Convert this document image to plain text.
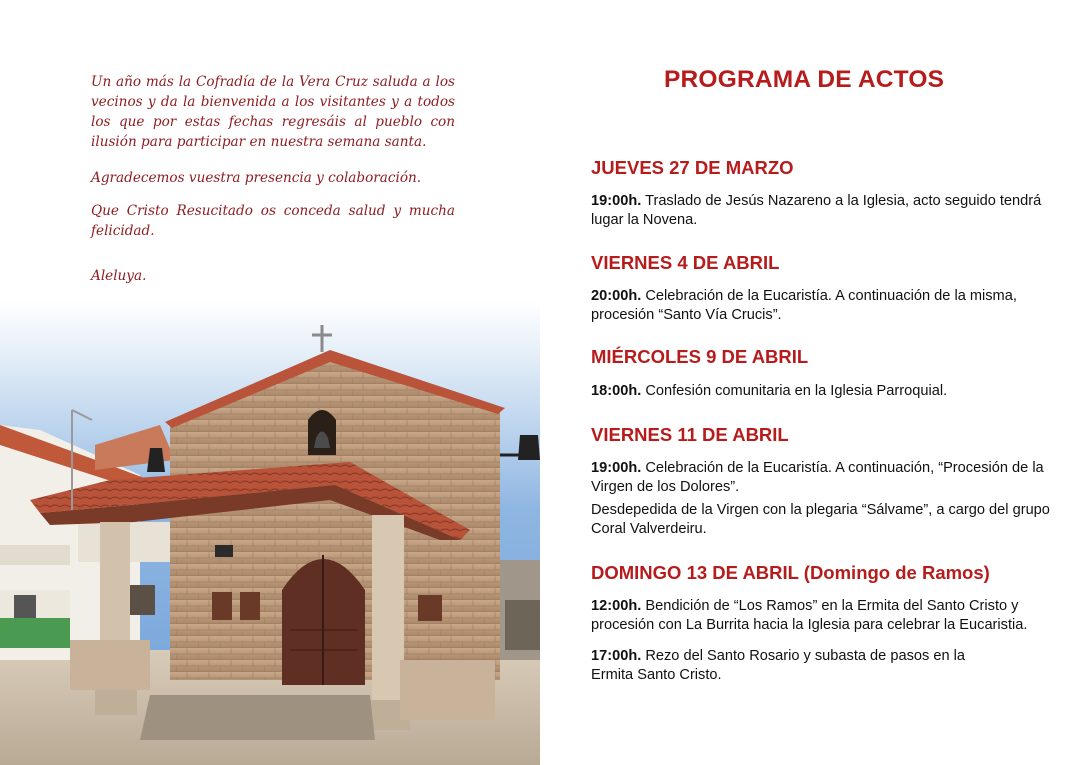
Un año más la Cofradía de la Vera Cruz saluda a los vecinos y da la bienvenida a los visitantes y a todos los que por estas fechas regresáis al pueblo con ilusión para participar en nuestra semana santa.

Agradecemos vuestra presencia y colaboración.

Que Cristo Resucitado os conceda salud y mucha felicidad.

Aleluya.

PROGRAMA DE ACTOS
JUEVES 27 DE MARZO
19:00h. Traslado de Jesús Nazareno a la Iglesia, acto seguido tendrá lugar la Novena.
VIERNES 4 DE ABRIL
20:00h. Celebración de la Eucaristía. A continuación de la misma, procesión “Santo Vía Crucis”.
MIÉRCOLES 9 DE ABRIL
18:00h. Confesión comunitaria en la Iglesia Parroquial.
VIERNES 11 DE ABRIL
19:00h. Celebración de la Eucaristía. A continuación, “Procesión de la Virgen de los Dolores”.
Desdepedida de la Virgen con la plegaria “Sálvame”, a cargo del grupo Coral Valverdeiru.
DOMINGO 13 DE ABRIL (Domingo de Ramos)
12:00h. Bendición de “Los Ramos” en la Ermita del Santo Cristo y procesión con La Burrita hacia la Iglesia para celebrar la Eucaristia.
17:00h. Rezo del Santo Rosario y subasta de pasos en la Ermita Santo Cristo.
